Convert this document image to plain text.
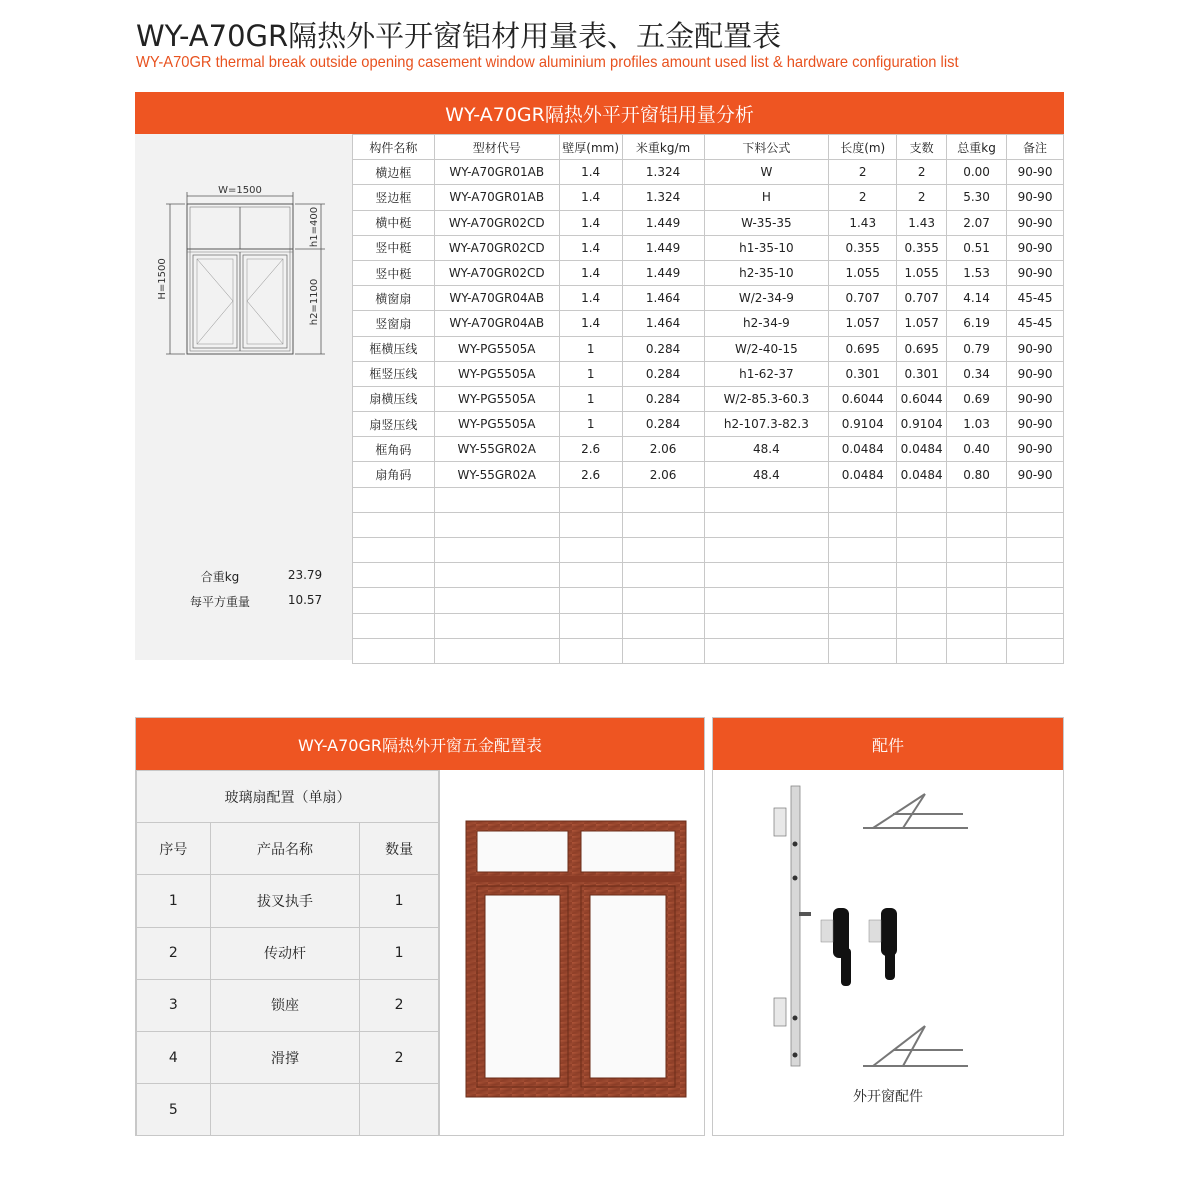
WY-A70GR隔热外平开窗铝材用量表、五金配置表
WY-A70GR thermal break outside opening casement window aluminium profiles amount used list & hardware configuration list
WY-A70GR隔热外平开窗铝用量分析
W=1500
H=1500
h1=400
h2=1100
合重kg	23.79
每平方重量	10.57
构件名称	型材代号	壁厚(mm)	米重kg/m	下料公式	长度(m)	支数	总重kg	备注
横边框	WY-A70GR01AB	1.4	1.324	W	2	2	0.00	90-90
竖边框	WY-A70GR01AB	1.4	1.324	H	2	2	5.30	90-90
横中梃	WY-A70GR02CD	1.4	1.449	W-35-35	1.43	1.43	2.07	90-90
竖中梃	WY-A70GR02CD	1.4	1.449	h1-35-10	0.355	0.355	0.51	90-90
竖中梃	WY-A70GR02CD	1.4	1.449	h2-35-10	1.055	1.055	1.53	90-90
横窗扇	WY-A70GR04AB	1.4	1.464	W/2-34-9	0.707	0.707	4.14	45-45
竖窗扇	WY-A70GR04AB	1.4	1.464	h2-34-9	1.057	1.057	6.19	45-45
框横压线	WY-PG5505A	1	0.284	W/2-40-15	0.695	0.695	0.79	90-90
框竖压线	WY-PG5505A	1	0.284	h1-62-37	0.301	0.301	0.34	90-90
扇横压线	WY-PG5505A	1	0.284	W/2-85.3-60.3	0.6044	0.6044	0.69	90-90
扇竖压线	WY-PG5505A	1	0.284	h2-107.3-82.3	0.9104	0.9104	1.03	90-90
框角码	WY-55GR02A	2.6	2.06	48.4	0.0484	0.0484	0.40	90-90
扇角码	WY-55GR02A	2.6	2.06	48.4	0.0484	0.0484	0.80	90-90

WY-A70GR隔热外开窗五金配置表
玻璃扇配置（单扇）		
序号	产品名称	数量
1	拔叉执手	1
2	传动杆	1
3	锁座	2
4	滑撑	2
5		
配件
外开窗配件
